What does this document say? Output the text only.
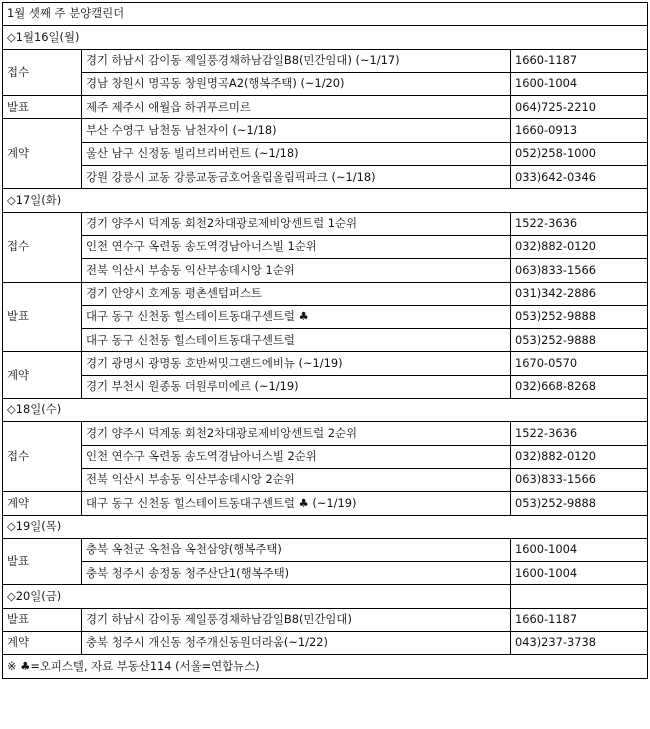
1월 셋째 주 분양캘린더		
◇1월16일(월)		
접수	경기 하남시 감이동 제일풍경채하남감일B8(민간임대) (~1/17)	1660-1187
	경남 창원시 명곡동 창원명곡A2(행복주택) (~1/20)	1600-1004
발표	제주 제주시 애월읍 하귀푸르미르	064)725-2210
계약	부산 수영구 남천동 남천자이 (~1/18)	1660-0913
	울산 남구 신정동 빌리브리버런트 (~1/18)	052)258-1000
	강원 강릉시 교동 강릉교동금호어울림올림픽파크 (~1/18)	033)642-0346
◇17일(화)		
접수	경기 양주시 덕계동 회천2차대광로제비앙센트럴 1순위	1522-3636
	인천 연수구 옥련동 송도역경남아너스빌 1순위	032)882-0120
	전북 익산시 부송동 익산부송데시앙 1순위	063)833-1566
발표	경기 안양시 호계동 평촌센텀퍼스트	031)342-2886
	대구 동구 신천동 힐스테이트동대구센트럴 ♣	053)252-9888
	대구 동구 신천동 힐스테이트동대구센트럴	053)252-9888
계약	경기 광명시 광명동 호반써밋그랜드에비뉴 (~1/19)	1670-0570
	경기 부천시 원종동 더원루미에르 (~1/19)	032)668-8268
◇18일(수)		
접수	경기 양주시 덕계동 회천2차대광로제비앙센트럴 2순위	1522-3636
	인천 연수구 옥련동 송도역경남아너스빌 2순위	032)882-0120
	전북 익산시 부송동 익산부송데시앙 2순위	063)833-1566
계약	대구 동구 신천동 힐스테이트동대구센트럴 ♣ (~1/19)	053)252-9888
◇19일(목)		
발표	충북 옥천군 옥천읍 옥천삼양(행복주택)	1600-1004
	충북 청주시 송정동 청주산단1(행복주택)	1600-1004
◇20일(금)		
발표	경기 하남시 감이동 제일풍경채하남감일B8(민간임대)	1660-1187
계약	충북 청주시 개신동 청주개신동원더라움(~1/22)	043)237-3738
※ ♣=오피스텔, 자료 부동산114 (서울=연합뉴스)		
